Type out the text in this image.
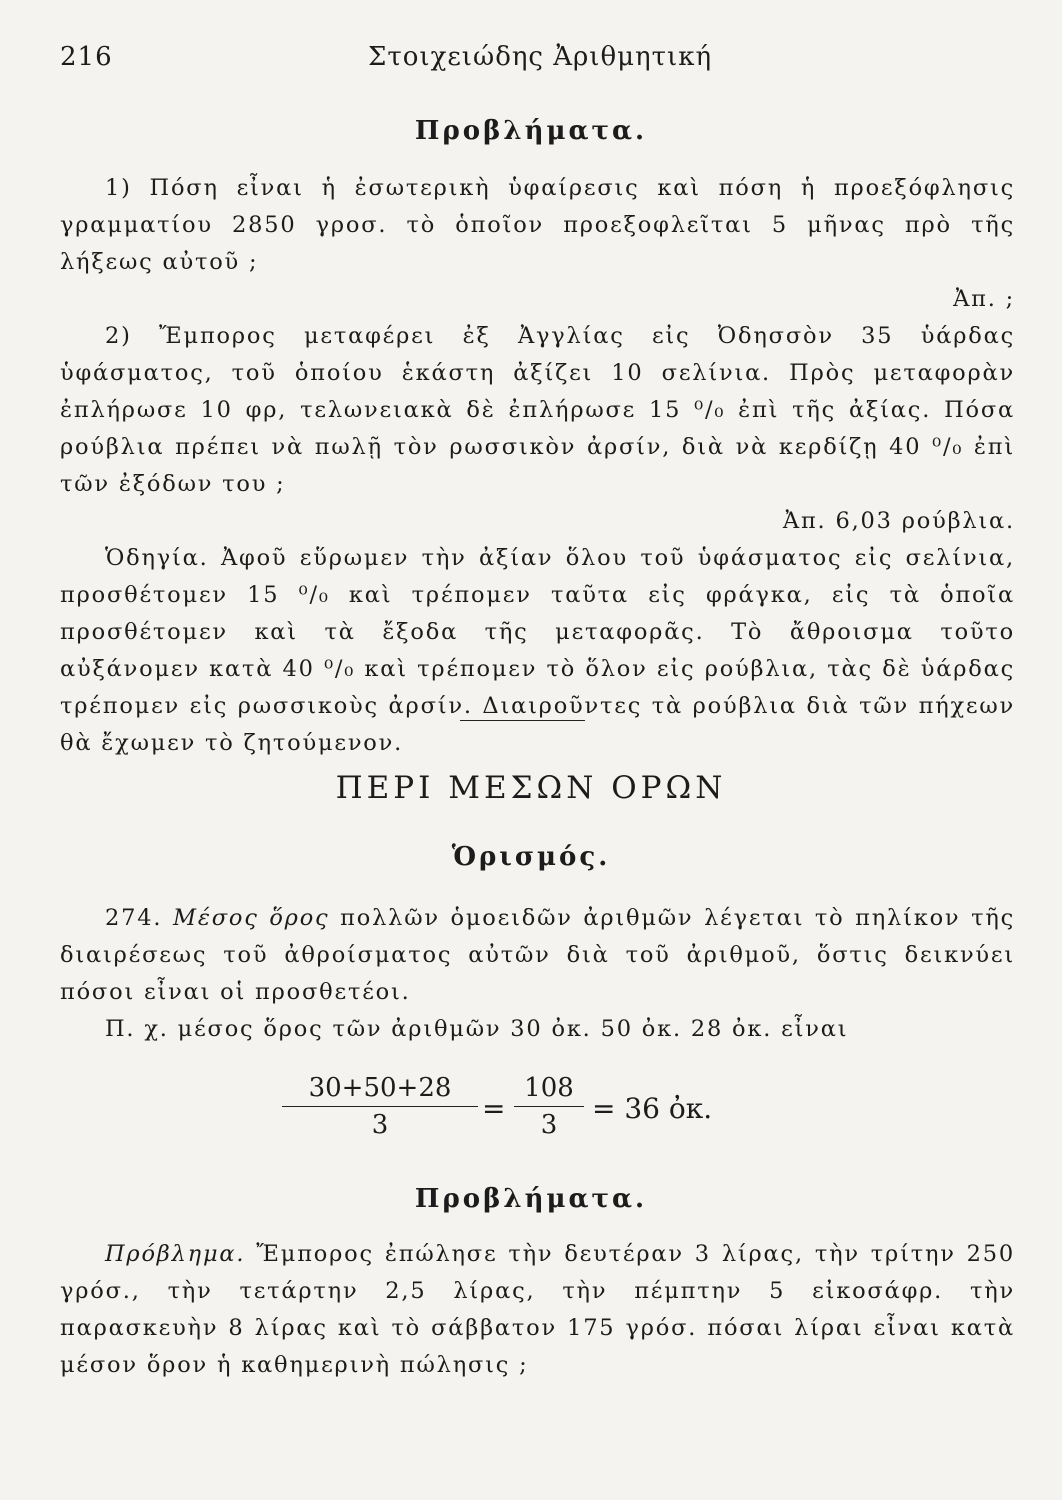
216	Στοιχειώδης Ἀριθμητική
Προβλήματα.

1) Πόση εἶναι ἡ ἐσωτερικὴ ὑφαίρεσις καὶ πόση ἡ προεξόφλησις γραμματίου 2850 γροσ. τὸ ὁποῖον προεξοφλεῖται 5 μῆνας πρὸ τῆς λήξεως αὐτοῦ ;
Ἀπ. ;

2) Ἔμπορος μεταφέρει ἐξ Ἀγγλίας εἰς Ὀδησσὸν 35 ὑάρδας ὑφάσματος, τοῦ ὁποίου ἑκάστη ἀξίζει 10 σελίνια. Πρὸς μεταφορὰν ἐπλήρωσε 10 φρ, τελωνειακὰ δὲ ἐπλήρωσε 15 ⁰/₀ ἐπὶ τῆς ἀξίας. Πόσα ρούβλια πρέπει νὰ πωλῇ τὸν ρωσσικὸν ἀρσίν, διὰ νὰ κερδίζῃ 40 ⁰/₀ ἐπὶ τῶν ἐξόδων του ;
Ἀπ. 6,03 ρούβλια.

Ὁδηγία. Ἀφοῦ εὕρωμεν τὴν ἀξίαν ὅλου τοῦ ὑφάσματος εἰς σελίνια, προσθέτομεν 15 ⁰/₀ καὶ τρέπομεν ταῦτα εἰς φράγκα, εἰς τὰ ὁποῖα προσθέτομεν καὶ τὰ ἔξοδα τῆς μεταφορᾶς. Τὸ ἄθροισμα τοῦτο αὐξάνομεν κατὰ 40 ⁰/₀ καὶ τρέπομεν τὸ ὅλον εἰς ρούβλια, τὰς δὲ ὑάρδας τρέπομεν εἰς ρωσσικοὺς ἀρσίν. Διαιροῦντες τὰ ρούβλια διὰ τῶν πήχεων θὰ ἔχωμεν τὸ ζητούμενον.

ΠΕΡΙ ΜΕΣΩΝ ΟΡΩΝ
Ὁρισμός.

274. Μέσος ὅρος πολλῶν ὁμοειδῶν ἀριθμῶν λέγεται τὸ πηλίκον τῆς διαιρέσεως τοῦ ἀθροίσματος αὐτῶν διὰ τοῦ ἀριθμοῦ, ὅστις δεικνύει πόσοι εἶναι οἱ προσθετέοι.

Π. χ. μέσος ὅρος τῶν ἀριθμῶν 30 ὀκ. 50 ὀκ. 28 ὀκ. εἶναι

$\frac{30+50+28}{3} = \frac{108}{3} = 36$ ὀκ.
Προβλήματα.

Πρόβλημα. Ἔμπορος ἐπώλησε τὴν δευτέραν 3 λίρας, τὴν τρίτην 250 γρόσ., τὴν τετάρτην 2,5 λίρας, τὴν πέμπτην 5 εἰκοσάφρ. τὴν παρασκευὴν 8 λίρας καὶ τὸ σάββατον 175 γρόσ. πόσαι λίραι εἶναι κατὰ μέσον ὅρον ἡ καθημερινὴ πώλησις ;
